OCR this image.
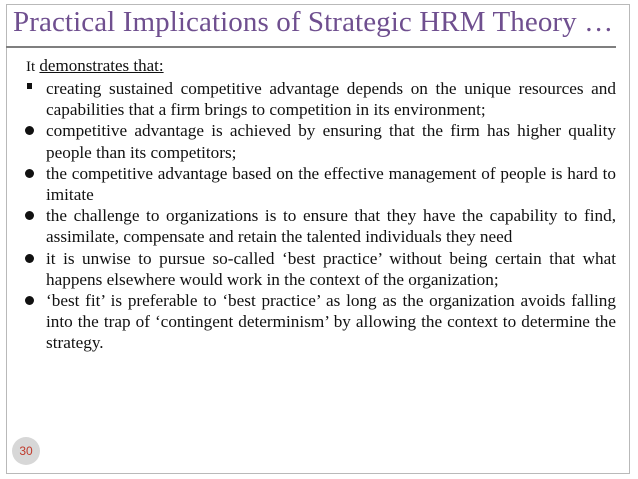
Practical Implications of Strategic HRM Theory …
It demonstrates that:
creating sustained competitive advantage depends on the unique resources and capabilities that a firm brings to competition in its environment;
competitive advantage is achieved by ensuring that the firm has higher quality people than its competitors;
the competitive advantage based on the effective management of people is hard to imitate
the challenge to organizations is to ensure that they have the capability to find, assimilate, compensate and retain the talented individuals they need
it is unwise to pursue so-called ‘best practice’ without being certain that what happens elsewhere would work in the context of the organization;
‘best fit’ is preferable to ‘best practice’ as long as the organization avoids falling into the trap of ‘contingent determinism’ by allowing the context to determine the strategy.
30
